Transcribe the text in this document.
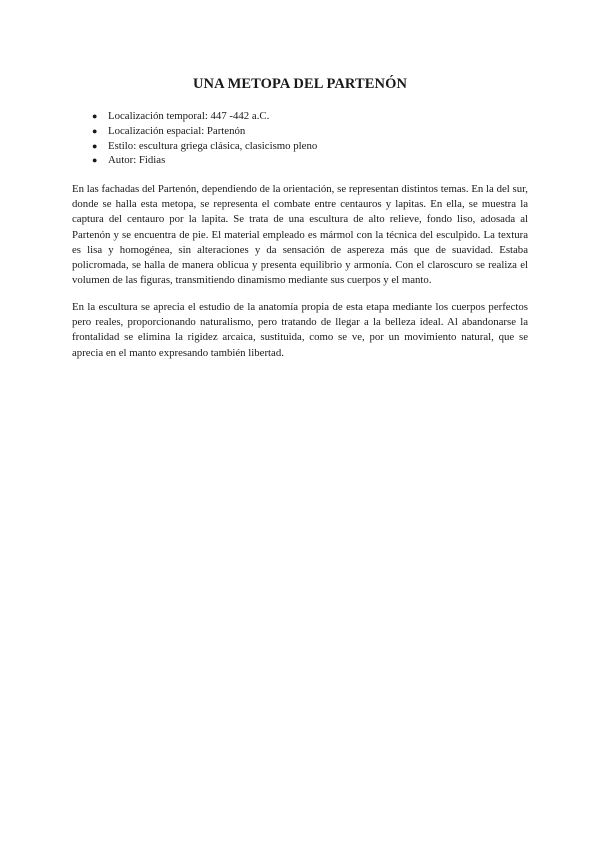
UNA METOPA DEL PARTENÓN
● Localización temporal: 447 -442 a.C.
● Localización espacial: Partenón
● Estilo: escultura griega clásica, clasicismo pleno
● Autor: Fidias

En las fachadas del Partenón, dependiendo de la orientación, se representan distintos temas. En la del sur, donde se halla esta metopa, se representa el combate entre centauros y lapitas. En ella, se muestra la captura del centauro por la lapita. Se trata de una escultura de alto relieve, fondo liso, adosada al Partenón y se encuentra de pie. El material empleado es mármol con la técnica del esculpido. La textura es lisa y homogénea, sin alteraciones y da sensación de aspereza más que de suavidad. Estaba policromada, se halla de manera oblicua y presenta equilibrio y armonía. Con el claroscuro se realiza el volumen de las figuras, transmitiendo dinamismo mediante sus cuerpos y el manto.

En la escultura se aprecia el estudio de la anatomía propia de esta etapa mediante los cuerpos perfectos pero reales, proporcionando naturalismo, pero tratando de llegar a la belleza ideal. Al abandonarse la frontalidad se elimina la rigidez arcaica, sustituida, como se ve, por un movimiento natural, que se aprecia en el manto expresando también libertad.
